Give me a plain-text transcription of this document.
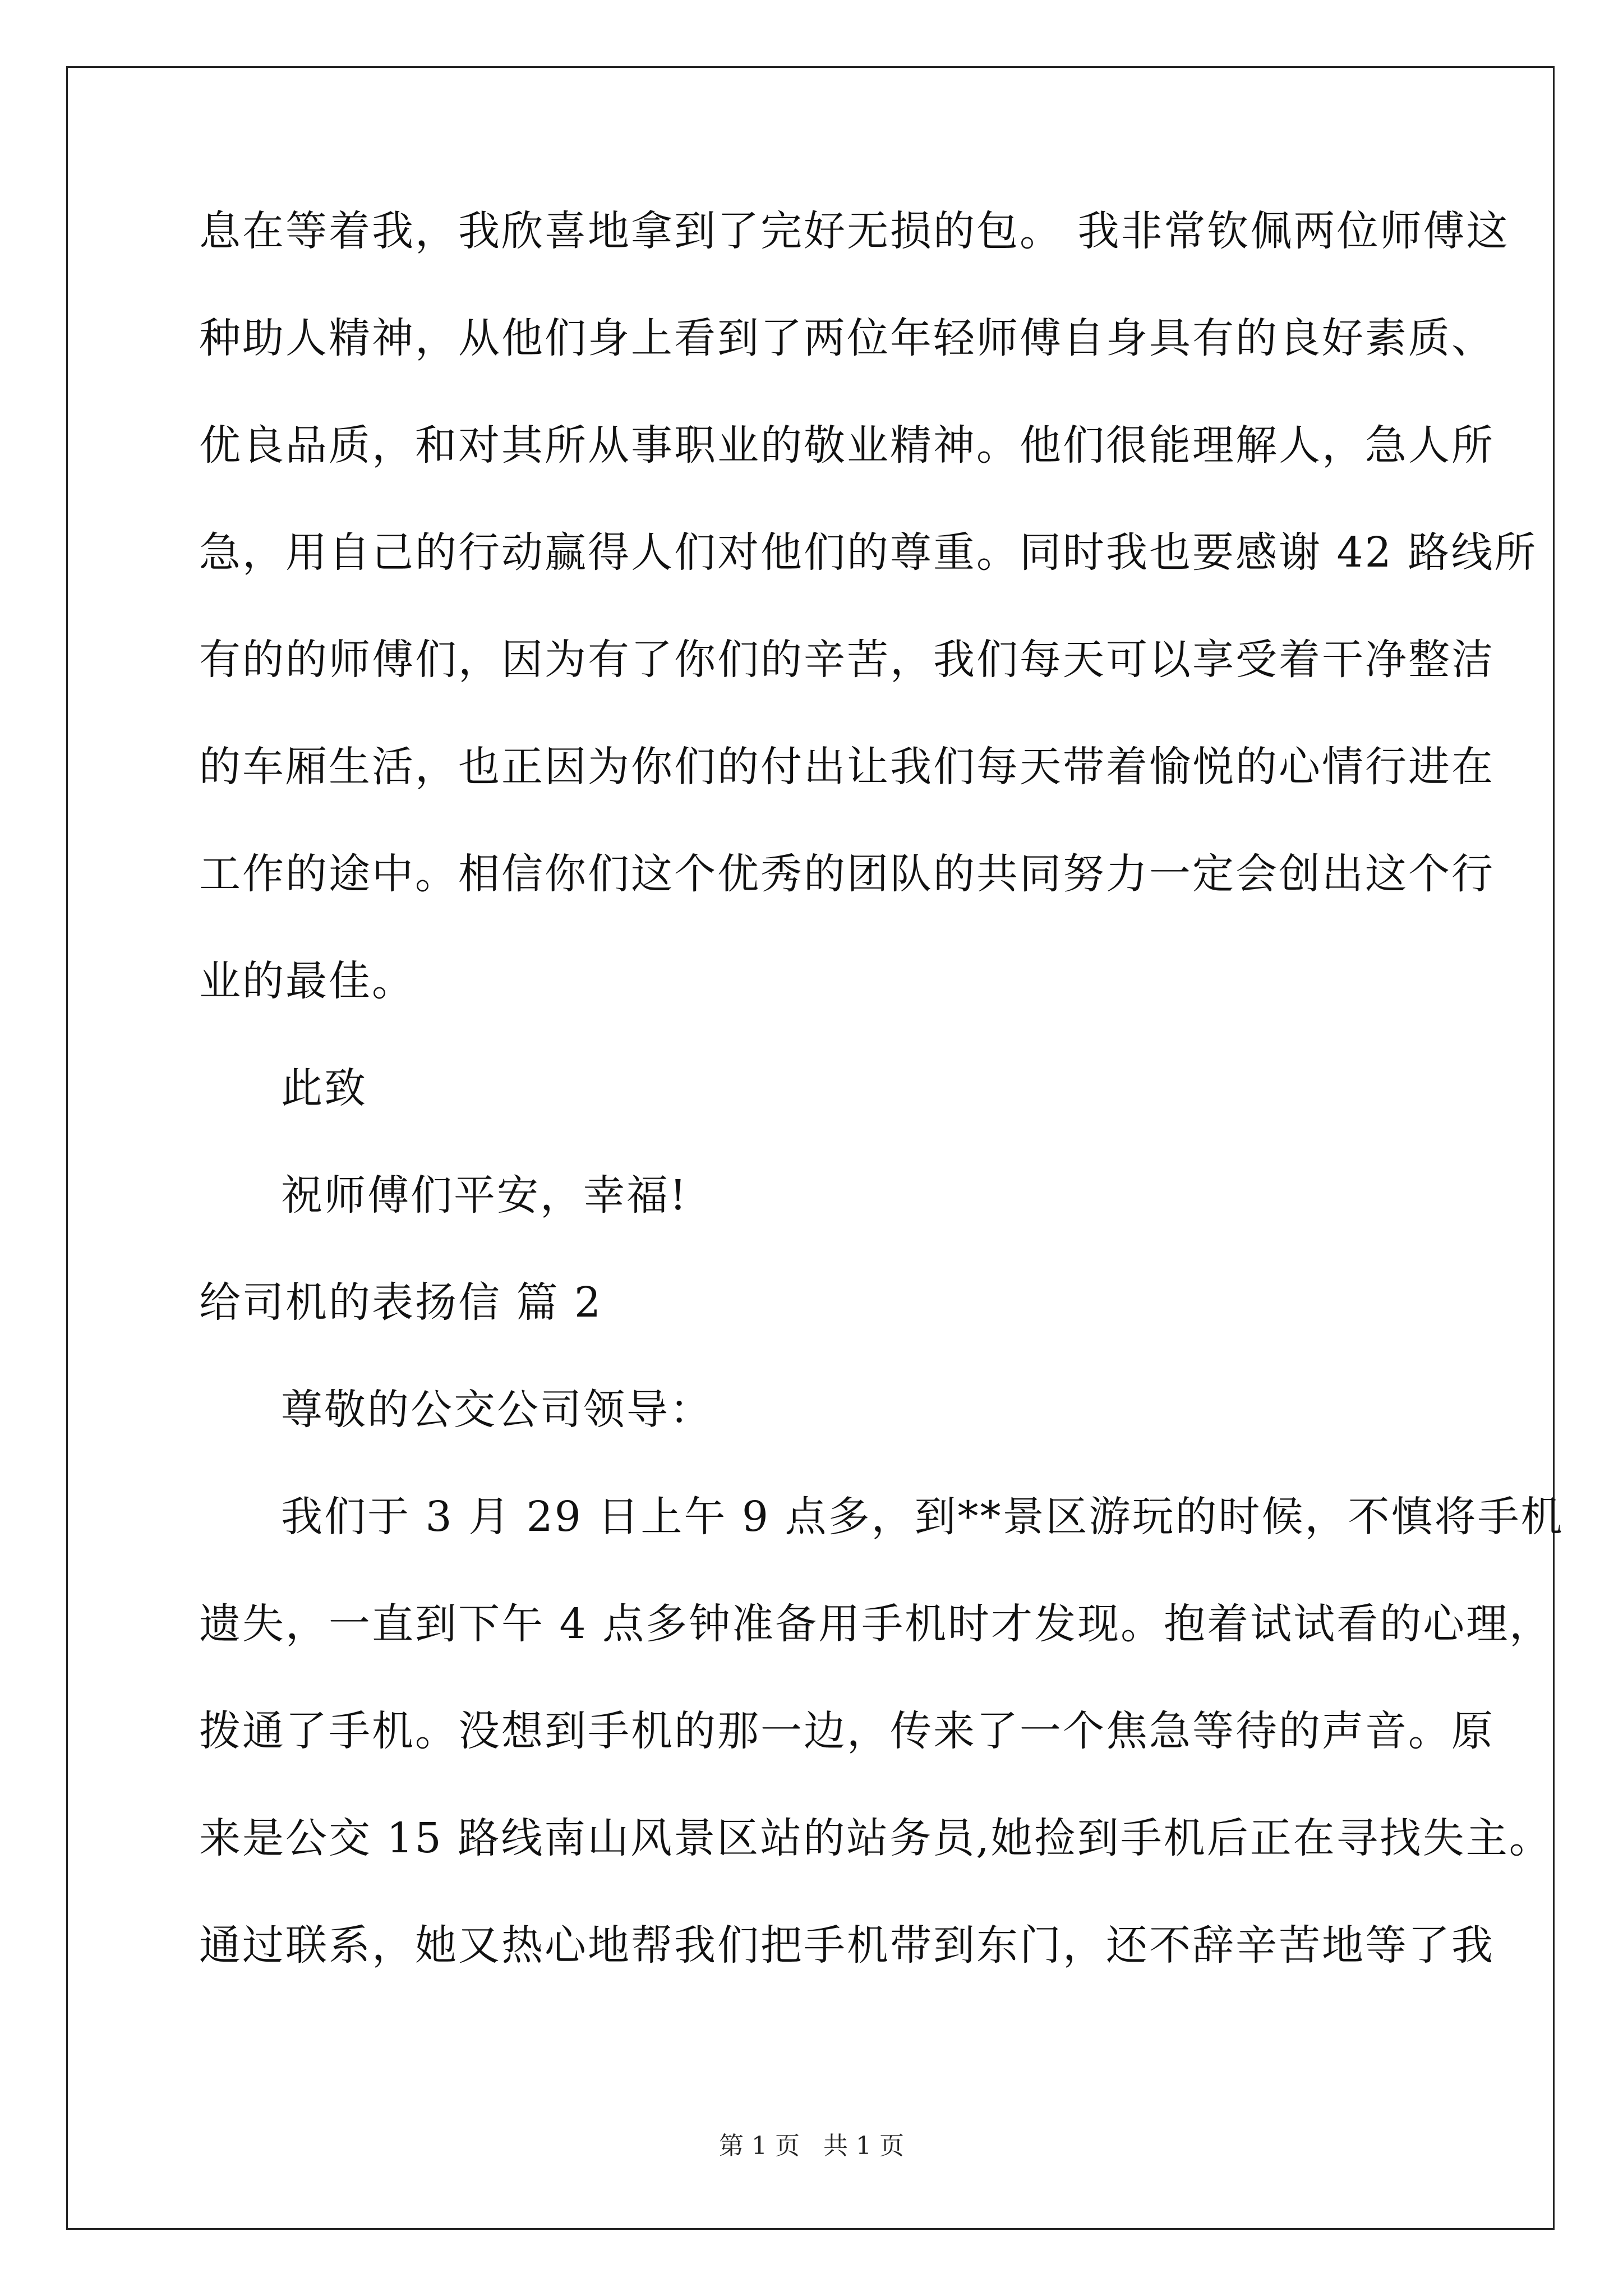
息在等着我，我欣喜地拿到了完好无损的包。 我非常钦佩两位师傅这
种助人精神，从他们身上看到了两位年轻师傅自身具有的良好素质、
优良品质，和对其所从事职业的敬业精神。他们很能理解人，急人所
急，用自己的行动赢得人们对他们的尊重。同时我也要感谢 42 路线所
有的的师傅们，因为有了你们的辛苦，我们每天可以享受着干净整洁
的车厢生活，也正因为你们的付出让我们每天带着愉悦的心情行进在
工作的途中。相信你们这个优秀的团队的共同努力一定会创出这个行
业的最佳。
此致
祝师傅们平安，幸福!
给司机的表扬信 篇 2
尊敬的公交公司领导：
我们于 3 月 29 日上午 9 点多，到**景区游玩的时候，不慎将手机
遗失，一直到下午 4 点多钟准备用手机时才发现。抱着试试看的心理，
拨通了手机。没想到手机的那一边，传来了一个焦急等待的声音。原
来是公交 15 路线南山风景区站的站务员,她捡到手机后正在寻找失主。
通过联系，她又热心地帮我们把手机带到东门，还不辞辛苦地等了我
第 1 页   共 1 页
